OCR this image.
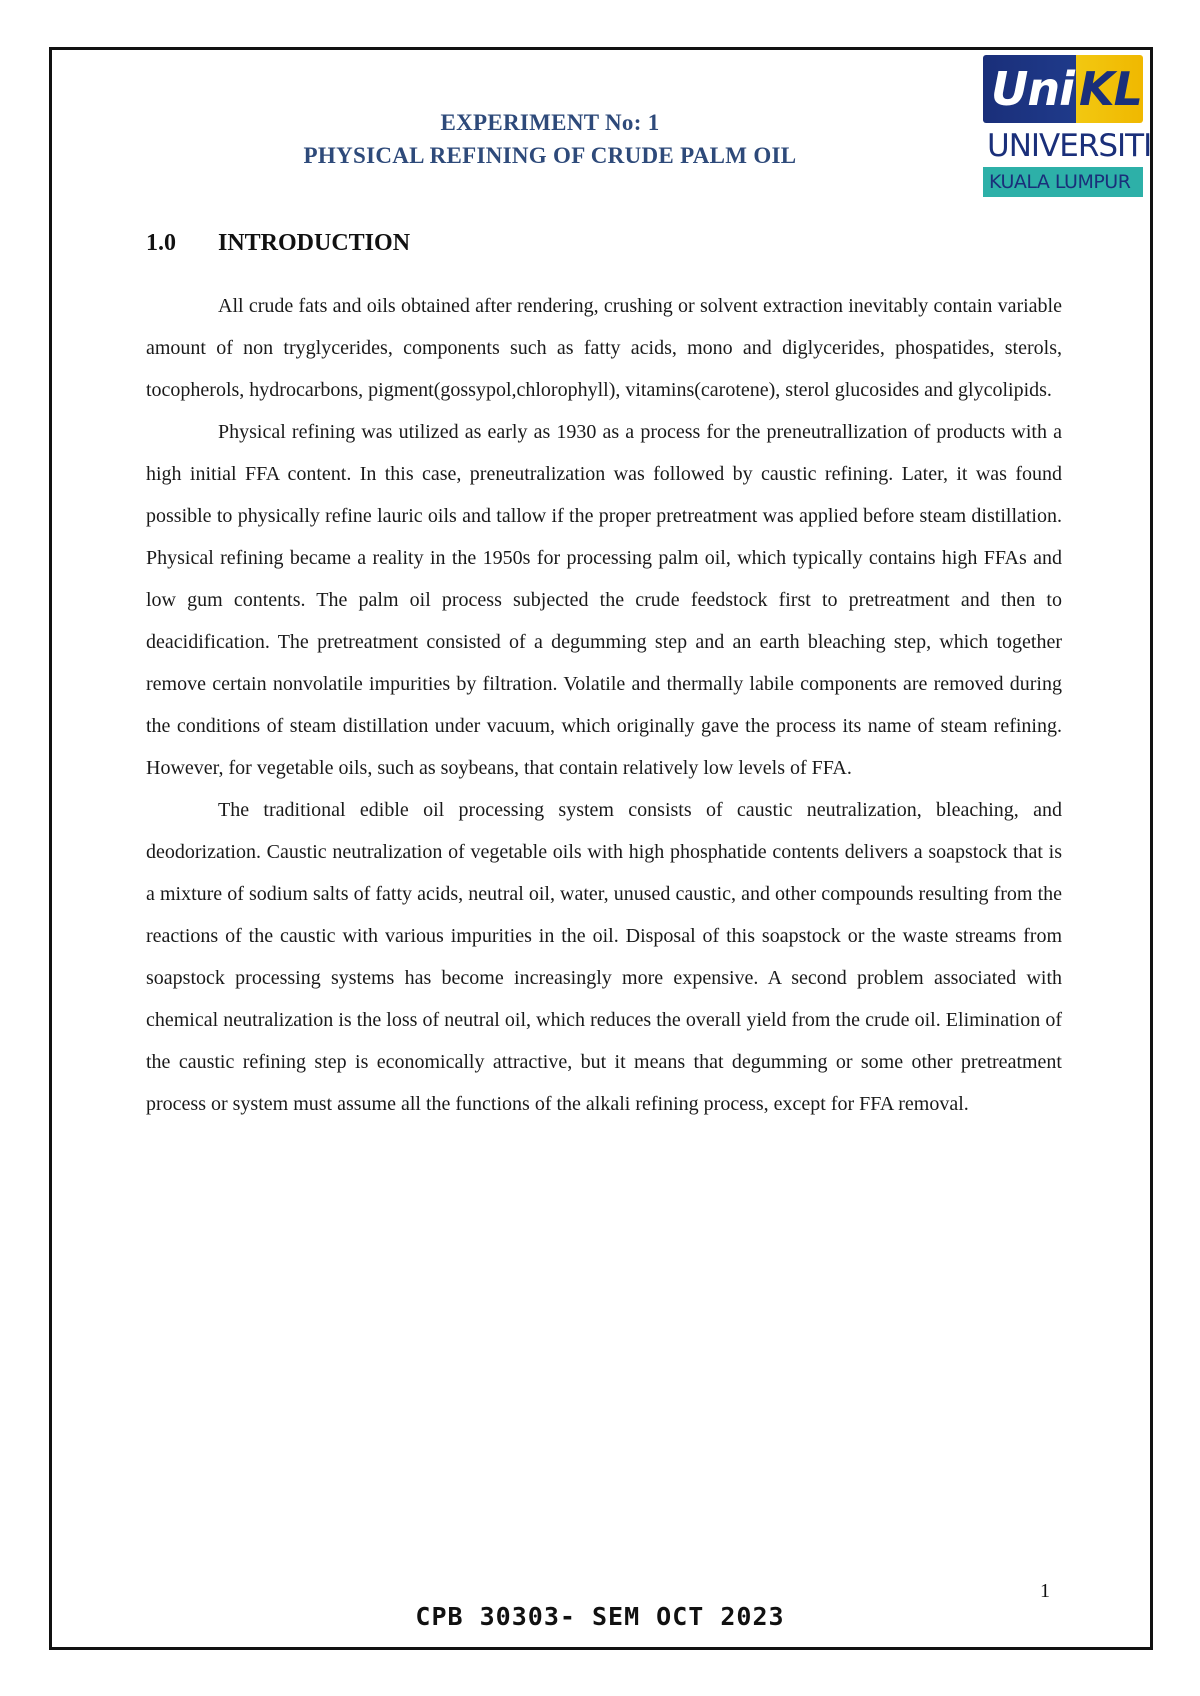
Uni KL
UNIVERSITI
KUALA LUMPUR
EXPERIMENT No: 1
PHYSICAL REFINING OF CRUDE PALM OIL
1.0 INTRODUCTION

All crude fats and oils obtained after rendering, crushing or solvent extraction inevitably contain variable amount of non tryglycerides, components such as fatty acids, mono and diglycerides, phospatides, sterols, tocopherols, hydrocarbons, pigment(gossypol,chlorophyll), vitamins(carotene), sterol glucosides and glycolipids.

Physical refining was utilized as early as 1930 as a process for the preneutrallization of products with a high initial FFA content. In this case, preneutralization was followed by caustic refining. Later, it was found possible to physically refine lauric oils and tallow if the proper pretreatment was applied before steam distillation. Physical refining became a reality in the 1950s for processing palm oil, which typically contains high FFAs and low gum contents. The palm oil process subjected the crude feedstock first to pretreatment and then to deacidification. The pretreatment consisted of a degumming step and an earth bleaching step, which together remove certain nonvolatile impurities by filtration. Volatile and thermally labile components are removed during the conditions of steam distillation under vacuum, which originally gave the process its name of steam refining. However, for vegetable oils, such as soybeans, that contain relatively low levels of FFA.

The traditional edible oil processing system consists of caustic neutralization, bleaching, and deodorization. Caustic neutralization of vegetable oils with high phosphatide contents delivers a soapstock that is a mixture of sodium salts of fatty acids, neutral oil, water, unused caustic, and other compounds resulting from the reactions of the caustic with various impurities in the oil. Disposal of this soapstock or the waste streams from soapstock processing systems has become increasingly more expensive. A second problem associated with chemical neutralization is the loss of neutral oil, which reduces the overall yield from the crude oil. Elimination of the caustic refining step is economically attractive, but it means that degumming or some other pretreatment process or system must assume all the functions of the alkali refining process, except for FFA removal.

1
CPB 30303- SEM OCT 2023
